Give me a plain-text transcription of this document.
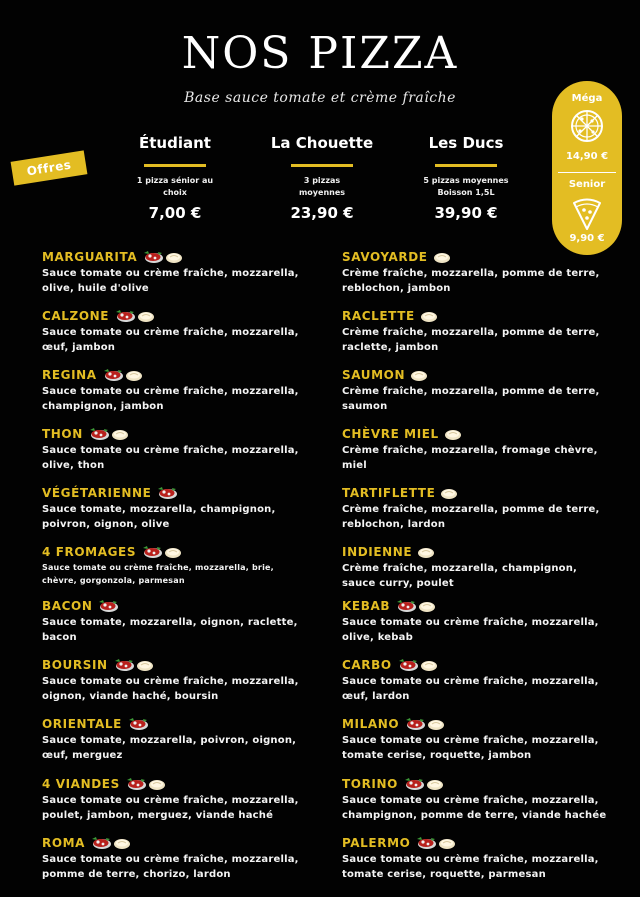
NOS PIZZA
Base sauce tomate et crème fraîche
Offres
Étudiant
1 pizza sénior au
choix
7,00 €
La Chouette
3 pizzas
moyennes
23,90 €
Les Ducs
5 pizzas moyennes
Boisson 1,5L
39,90 €
Méga
14,90 €
Senior
9,90 €
MARGUARITA
Sauce tomate ou crème fraîche, mozzarella,
olive, huile d'olive
CALZONE
Sauce tomate ou crème fraîche, mozzarella,
œuf, jambon
REGINA
Sauce tomate ou crème fraîche, mozzarella,
champignon, jambon
THON
Sauce tomate ou crème fraîche, mozzarella,
olive, thon
VÉGÉTARIENNE
Sauce tomate, mozzarella, champignon,
poivron, oignon, olive
4 FROMAGES
Sauce tomate ou crème fraîche, mozzarella, brie,
chèvre, gorgonzola, parmesan
BACON
Sauce tomate, mozzarella, oignon, raclette,
bacon
BOURSIN
Sauce tomate ou crème fraîche, mozzarella,
oignon, viande haché, boursin
ORIENTALE
Sauce tomate, mozzarella, poivron, oignon,
œuf, merguez
4 VIANDES
Sauce tomate ou crème fraîche, mozzarella,
poulet, jambon, merguez, viande haché
ROMA
Sauce tomate ou crème fraîche, mozzarella,
pomme de terre, chorizo, lardon
SAVOYARDE
Crème fraîche, mozzarella, pomme de terre,
reblochon, jambon
RACLETTE
Crème fraîche, mozzarella, pomme de terre,
raclette, jambon
SAUMON
Crème fraîche, mozzarella, pomme de terre,
saumon
CHÈVRE MIEL
Crème fraîche, mozzarella, fromage chèvre,
miel
TARTIFLETTE
Crème fraîche, mozzarella, pomme de terre,
reblochon, lardon
INDIENNE
Crème fraîche, mozzarella, champignon,
sauce curry, poulet
KEBAB
Sauce tomate ou crème fraîche, mozzarella,
olive, kebab
CARBO
Sauce tomate ou crème fraîche, mozzarella,
œuf, lardon
MILANO
Sauce tomate ou crème fraîche, mozzarella,
tomate cerise, roquette, jambon
TORINO
Sauce tomate ou crème fraîche, mozzarella,
champignon, pomme de terre, viande hachée
PALERMO
Sauce tomate ou crème fraîche, mozzarella,
tomate cerise, roquette, parmesan
